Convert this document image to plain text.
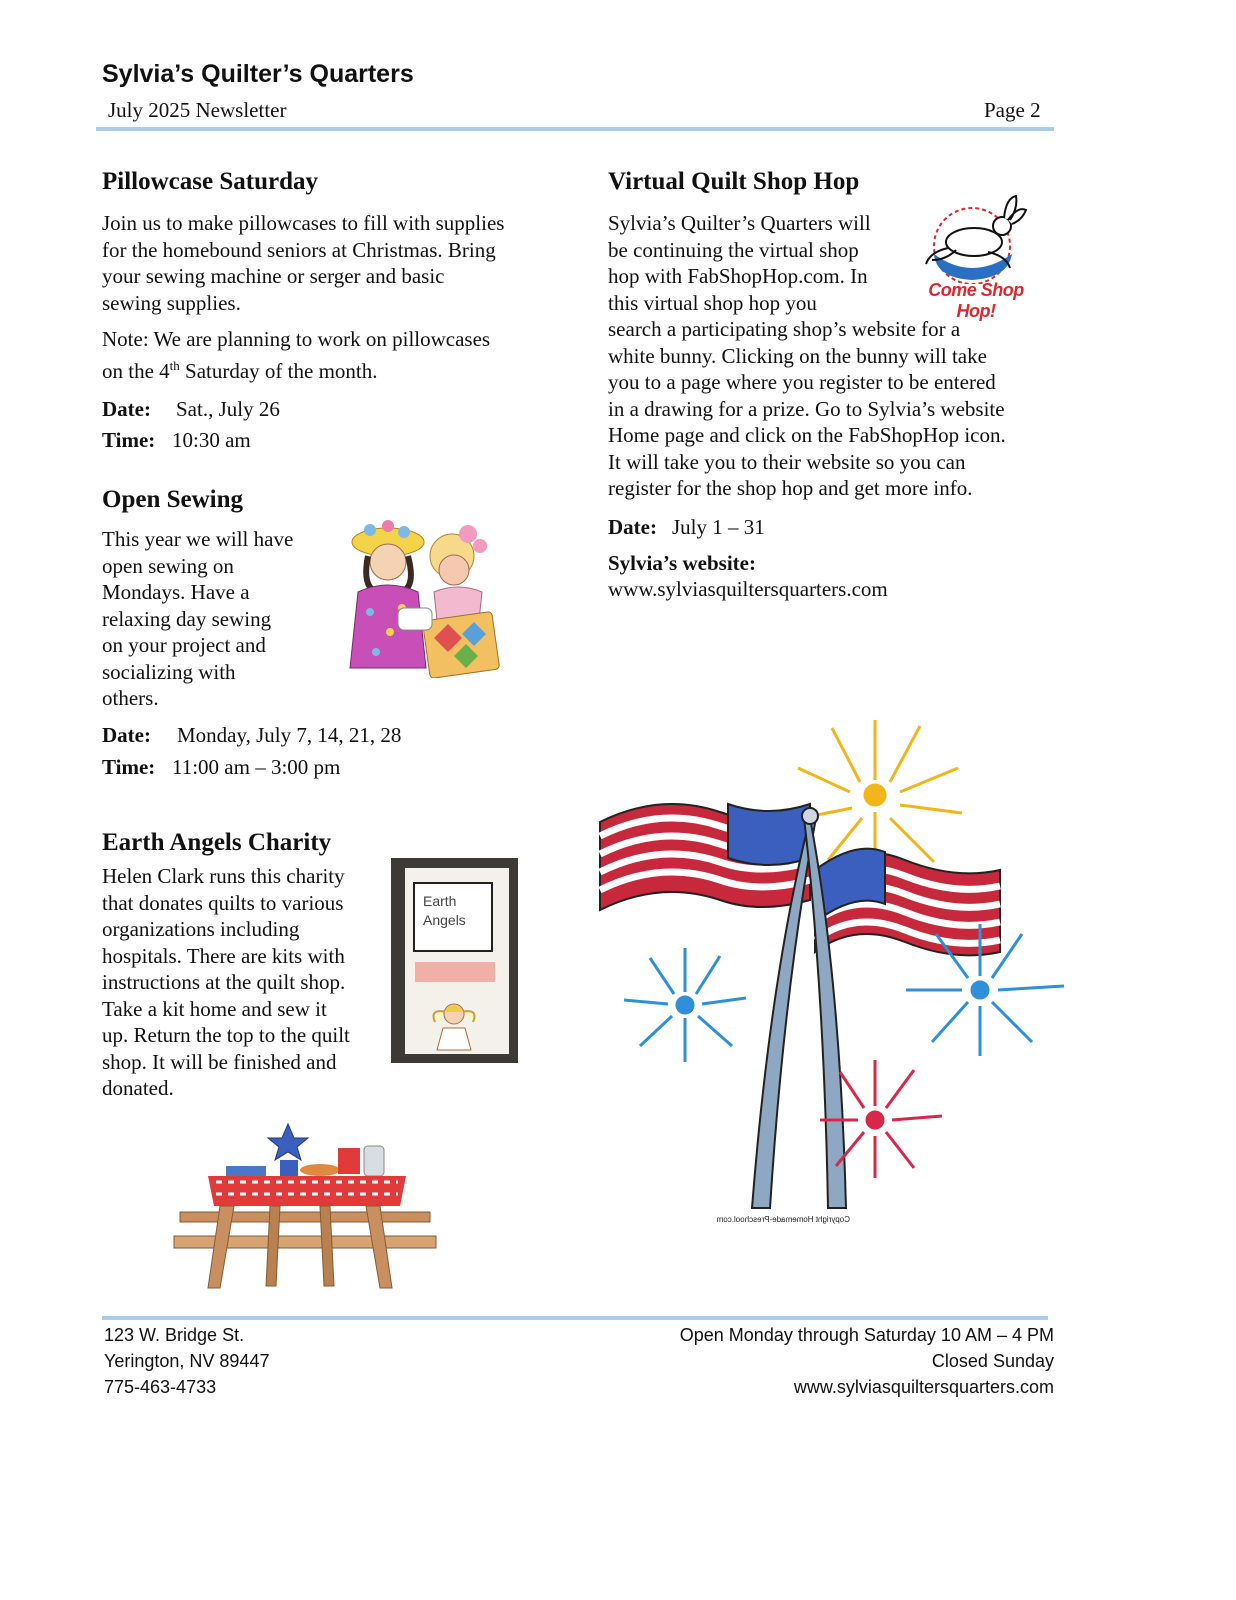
Sylvia’s Quilter’s Quarters
July 2025 Newsletter	Page 2
Pillowcase Saturday

Join us to make pillowcases to fill with supplies

for the homebound seniors at Christmas. Bring

your sewing machine or serger and basic

sewing supplies.

Note: We are planning to work on pillowcases

on the 4th Saturday of the month.

Date: Sat., July 26
Time: 10:30 am
Open Sewing

This year we will have

open sewing on

Mondays. Have a

relaxing day sewing

on your project and

socializing with

others.

Date: Monday, July 7, 14, 21, 28
Time: 11:00 am – 3:00 pm
Earth Angels Charity

Helen Clark runs this charity

that donates quilts to various

organizations including

hospitals. There are kits with

instructions at the quilt shop.

Take a kit home and sew it

up. Return the top to the quilt

shop. It will be finished and

donated.

Earth
Angels
Virtual Quilt Shop Hop

Sylvia’s Quilter’s Quarters will

be continuing the virtual shop

hop with FabShopHop.com. In

this virtual shop hop you

search a participating shop’s website for a

white bunny. Clicking on the bunny will take

you to a page where you register to be entered

in a drawing for a prize. Go to Sylvia’s website

Home page and click on the FabShopHop icon.

It will take you to their website so you can

register for the shop hop and get more info.

Date: July 1 – 31
Sylvia’s website:
www.sylviasquiltersquarters.com
Come Shop Hop!
Copyright Homemade-Preschool.com
123 W. Bridge St.
Yerington, NV 89447
775-463-4733
Open Monday through Saturday 10 AM – 4 PM
Closed Sunday
www.sylviasquiltersquarters.com
